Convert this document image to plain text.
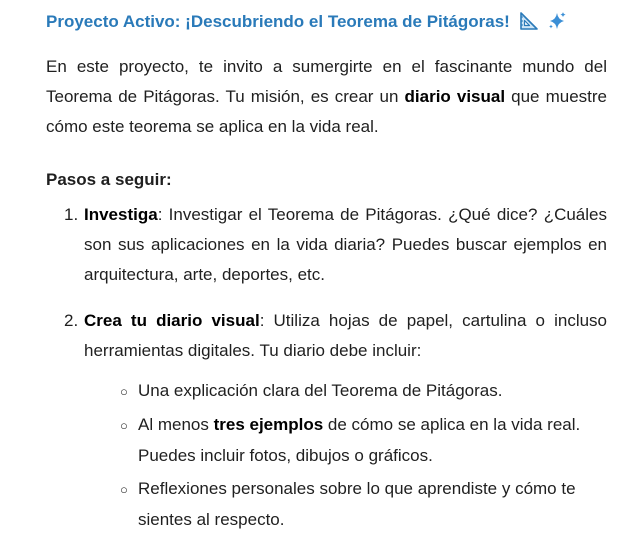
Proyecto Activo: ¡Descubriendo el Teorema de Pitágoras!

En este proyecto, te invito a sumergirte en el fascinante mundo del Teorema de Pitágoras. Tu misión, es crear un diario visual que muestre cómo este teorema se aplica en la vida real.

Pasos a seguir:
1. Investiga: Investigar el Teorema de Pitágoras. ¿Qué dice? ¿Cuáles son sus aplicaciones en la vida diaria? Puedes buscar ejemplos en arquitectura, arte, deportes, etc.
2. Crea tu diario visual: Utiliza hojas de papel, cartulina o incluso herramientas digitales. Tu diario debe incluir:
○ Una explicación clara del Teorema de Pitágoras.
○ Al menos tres ejemplos de cómo se aplica en la vida real. Puedes incluir fotos, dibujos o gráficos.
○ Reflexiones personales sobre lo que aprendiste y cómo te sientes al respecto.
